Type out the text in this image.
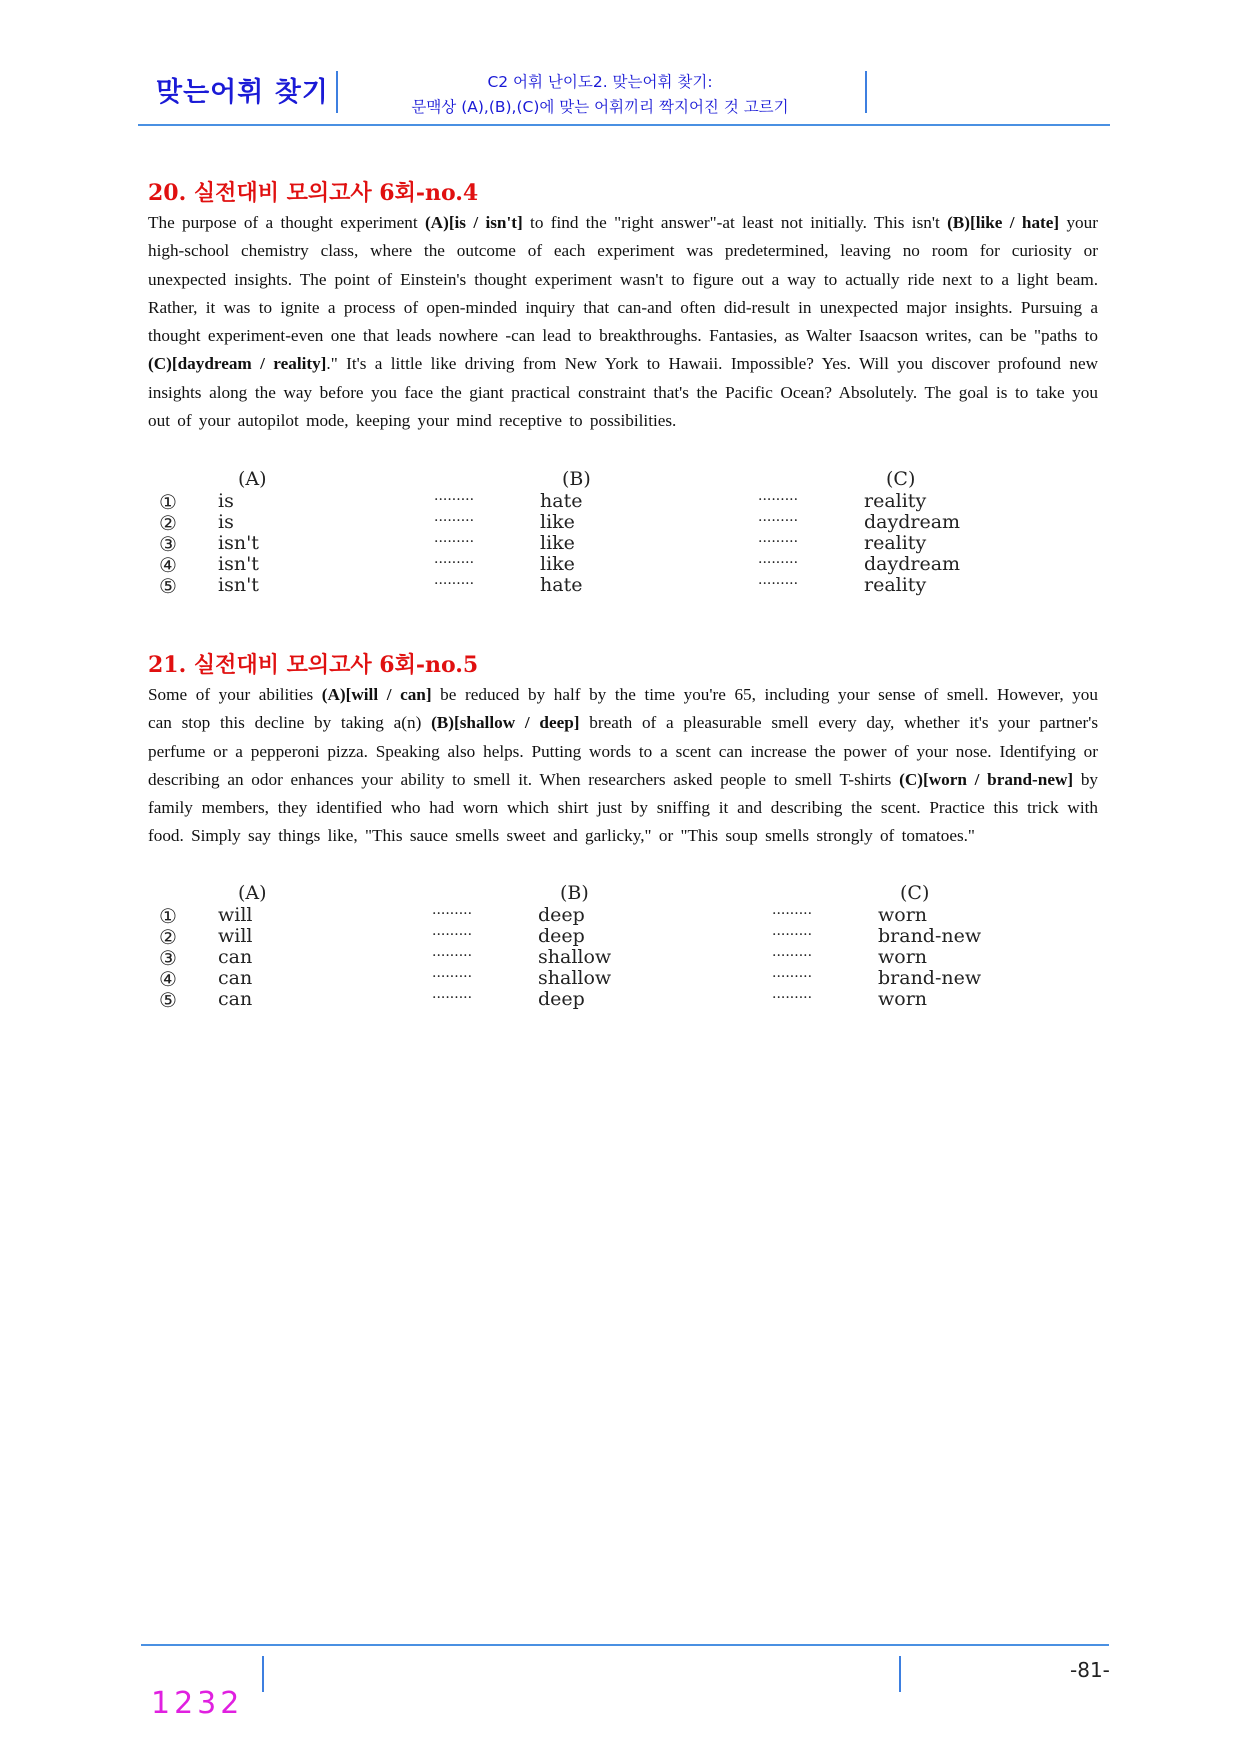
맞는어휘 찾기	C2 어휘 난이도2. 맞는어휘 찾기:
문맥상 (A),(B),(C)에 맞는 어휘끼리 짝지어진 것 고르기
20. 실전대비 모의고사 6회-no.4
The purpose of a thought experiment (A)[is / isn't] to find the "right answer"-at least not initially. This isn't (B)[like / hate] your high-school chemistry class, where the outcome of each experiment was predetermined, leaving no room for curiosity or unexpected insights. The point of Einstein's thought experiment wasn't to figure out a way to actually ride next to a light beam. Rather, it was to ignite a process of open-minded inquiry that can-and often did-result in unexpected major insights. Pursuing a thought experiment-even one that leads nowhere -can lead to breakthroughs. Fantasies, as Walter Isaacson writes, can be "paths to (C)[daydream / reality]." It's a little like driving from New York to Hawaii. Impossible? Yes. Will you discover profound new insights along the way before you face the giant practical constraint that's the Pacific Ocean? Absolutely. The goal is to take you out of your autopilot mode, keeping your mind receptive to possibilities.
(A)	(B)	(C)
① is	·········	hate	·········	reality
② is	·········	like	·········	daydream
③ isn't	·········	like	·········	reality
④ isn't	·········	like	·········	daydream
⑤ isn't	·········	hate	·········	reality
21. 실전대비 모의고사 6회-no.5
Some of your abilities (A)[will / can] be reduced by half by the time you're 65, including your sense of smell. However, you can stop this decline by taking a(n) (B)[shallow / deep] breath of a pleasurable smell every day, whether it's your partner's perfume or a pepperoni pizza. Speaking also helps. Putting words to a scent can increase the power of your nose. Identifying or describing an odor enhances your ability to smell it. When researchers asked people to smell T-shirts (C)[worn / brand-new] by family members, they identified who had worn which shirt just by sniffing it and describing the scent. Practice this trick with food. Simply say things like, "This sauce smells sweet and garlicky," or "This soup smells strongly of tomatoes."
(A)	(B)	(C)
① will	·········	deep	·········	worn
② will	·········	deep	·········	brand-new
③ can	·········	shallow	·········	worn
④ can	·········	shallow	·········	brand-new
⑤ can	·········	deep	·········	worn
-81-
1232
